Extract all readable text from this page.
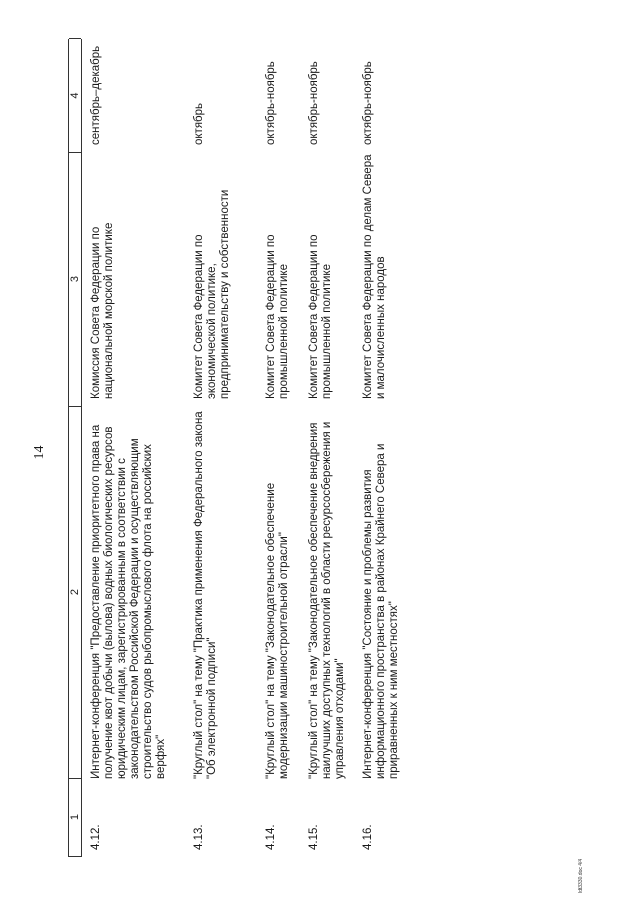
14
1
2
3
4
4.12.
Интернет-конференция "Предоставление приоритетного права на получение квот добычи (вылова) водных биологических ресурсов юридическим лицам, зарегистрированным в соответствии с законодательством Российской Федерации и осуществляющим строительство судов рыбопромыслового флота на российских верфях"
Комиссия Совета Федерации по национальной морской политике
сентябрь–декабрь
4.13.
"Круглый стол" на тему "Практика применения Федерального закона "Об электронной подписи"
Комитет Совета Федерации по экономической политике, предпринимательству и собственности
октябрь
4.14.
"Круглый стол" на тему "Законодательное обеспечение модернизации машиностроительной отрасли"
Комитет Совета Федерации по промышленной политике
октябрь-ноябрь
4.15.
"Круглый стол" на тему "Законодательное обеспечение внедрения наилучших доступных технологий в области ресурсосбережения и управления отходами"
Комитет Совета Федерации по промышленной политике
октябрь-ноябрь
4.16.
Интернет-конференция "Состояние и проблемы развития информационного пространства в районах Крайнего Севера и приравненных к ним местностях"
Комитет Совета Федерации по делам Севера и малочисленных народов
октябрь-ноябрь
ldt3330.doc 4/4
